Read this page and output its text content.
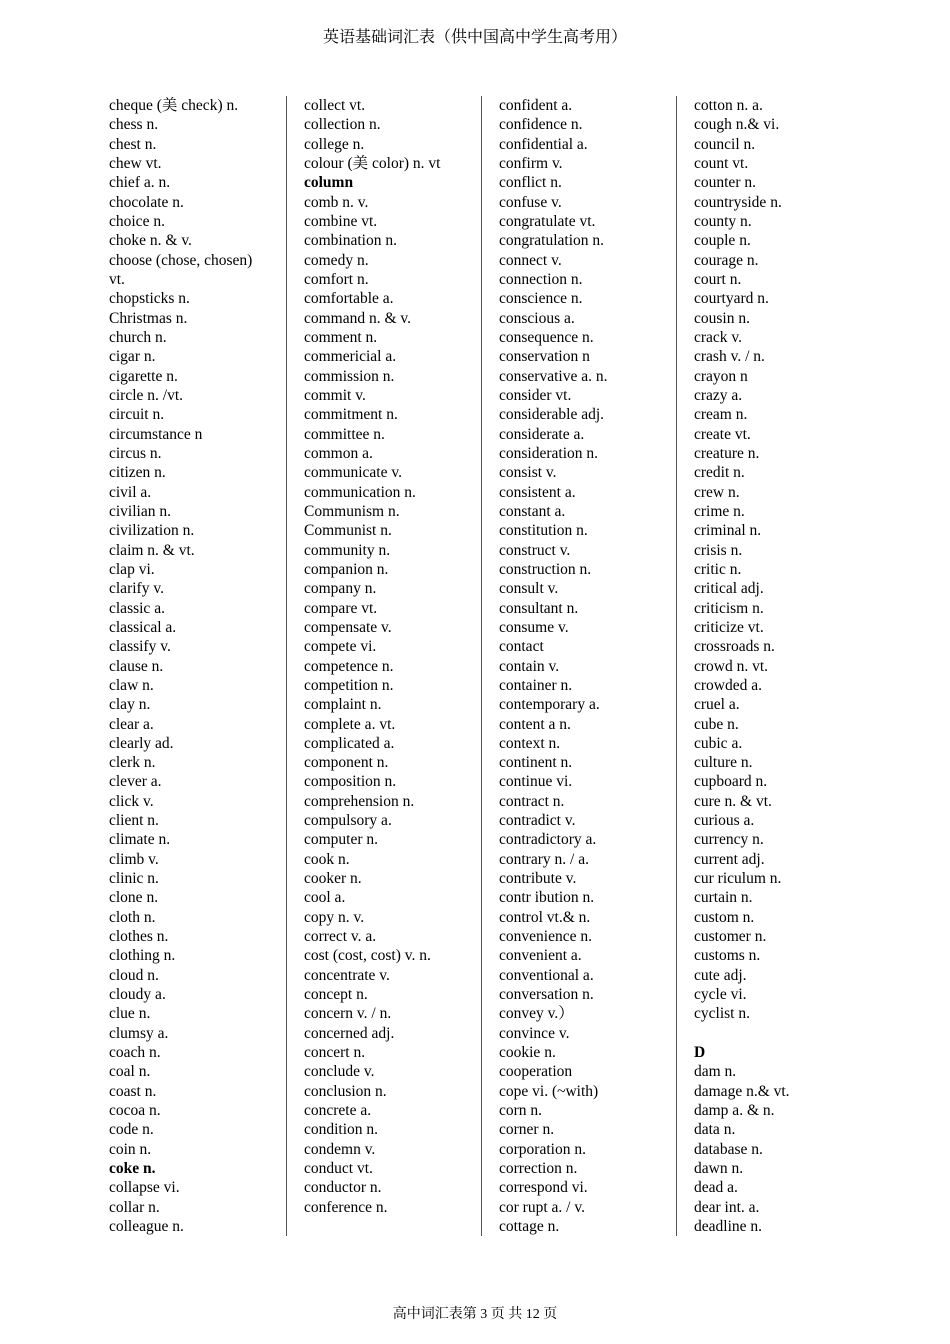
英语基础词汇表（供中国高中学生高考用）
cheque (美 check) n.
chess n.
chest n.
chew vt.
chief a. n.
chocolate n.
choice n.
choke n. & v.
choose (chose, chosen)
vt.
chopsticks n.
Christmas n.
church n.
cigar n.
cigarette n.
circle n. /vt.
circuit n.
circumstance n
circus n.
citizen n.
civil a.
civilian n.
civilization n.
claim n. & vt.
clap vi.
clarify v.
classic a.
classical a.
classify v.
clause n.
claw n.
clay n.
clear a.
clearly ad.
clerk n.
clever a.
click v.
client n.
climate n.
climb v.
clinic n.
clone n.
cloth n.
clothes n.
clothing n.
cloud n.
cloudy a.
clue n.
clumsy a.
coach n.
coal n.
coast n.
cocoa n.
code n.
coin n.
coke n.
collapse vi.
collar n.
colleague n.
collect vt.
collection n.
college n.
colour (美 color) n. vt
column
comb n. v.
combine vt.
combination n.
comedy n.
comfort n.
comfortable a.
command n. & v.
comment n.
commericial a.
commission n.
commit v.
commitment n.
committee n.
common a.
communicate v.
communication n.
Communism n.
Communist n.
community n.
companion n.
company n.
compare vt.
compensate v.
compete vi.
competence n.
competition n.
complaint n.
complete a. vt.
complicated a.
component n.
composition n.
comprehension n.
compulsory a.
computer n.
cook n.
cooker n.
cool a.
copy n. v.
correct v. a.
cost (cost, cost) v. n.
concentrate v.
concept n.
concern v. / n.
concerned adj.
concert n.
conclude v.
conclusion n.
concrete a.
condition n.
condemn v.
conduct vt.
conductor n.
conference n.
confident a.
confidence n.
confidential a.
confirm v.
conflict n.
confuse v.
congratulate vt.
congratulation n.
connect v.
connection n.
conscience n.
conscious a.
consequence n.
conservation n
conservative a. n.
consider vt.
considerable adj.
considerate a.
consideration n.
consist v.
consistent a.
constant a.
constitution n.
construct v.
construction n.
consult v.
consultant n.
consume v.
contact
contain v.
container n.
contemporary a.
content a n.
context n.
continent n.
continue vi.
contract n.
contradict v.
contradictory a.
contrary n. / a.
contribute v.
contr ibution n.
control vt.& n.
convenience n.
convenient a.
conventional a.
conversation n.
convey v.）
convince v.
cookie n.
cooperation
cope vi. (~with)
corn n.
corner n.
corporation n.
correction n.
correspond vi.
cor rupt a. / v.
cottage n.
cotton n. a.
cough n.& vi.
council n.
count vt.
counter n.
countryside n.
county n.
couple n.
courage n.
court n.
courtyard n.
cousin n.
crack v.
crash v. / n.
crayon n
crazy a.
cream n.
create vt.
creature n.
credit n.
crew n.
crime n.
criminal n.
crisis n.
critic n.
critical adj.
criticism n.
criticize vt.
crossroads n.
crowd n. vt.
crowded a.
cruel a.
cube n.
cubic a.
culture n.
cupboard n.
cure n. & vt.
curious a.
currency n.
current adj.
cur riculum n.
curtain n.
custom n.
customer n.
customs n.
cute adj.
cycle vi.
cyclist n.
D
dam n.
damage n.& vt.
damp a. & n.
data n.
database n.
dawn n.
dead a.
dear int. a.
deadline n.
高中词汇表第 3 页 共 12 页
